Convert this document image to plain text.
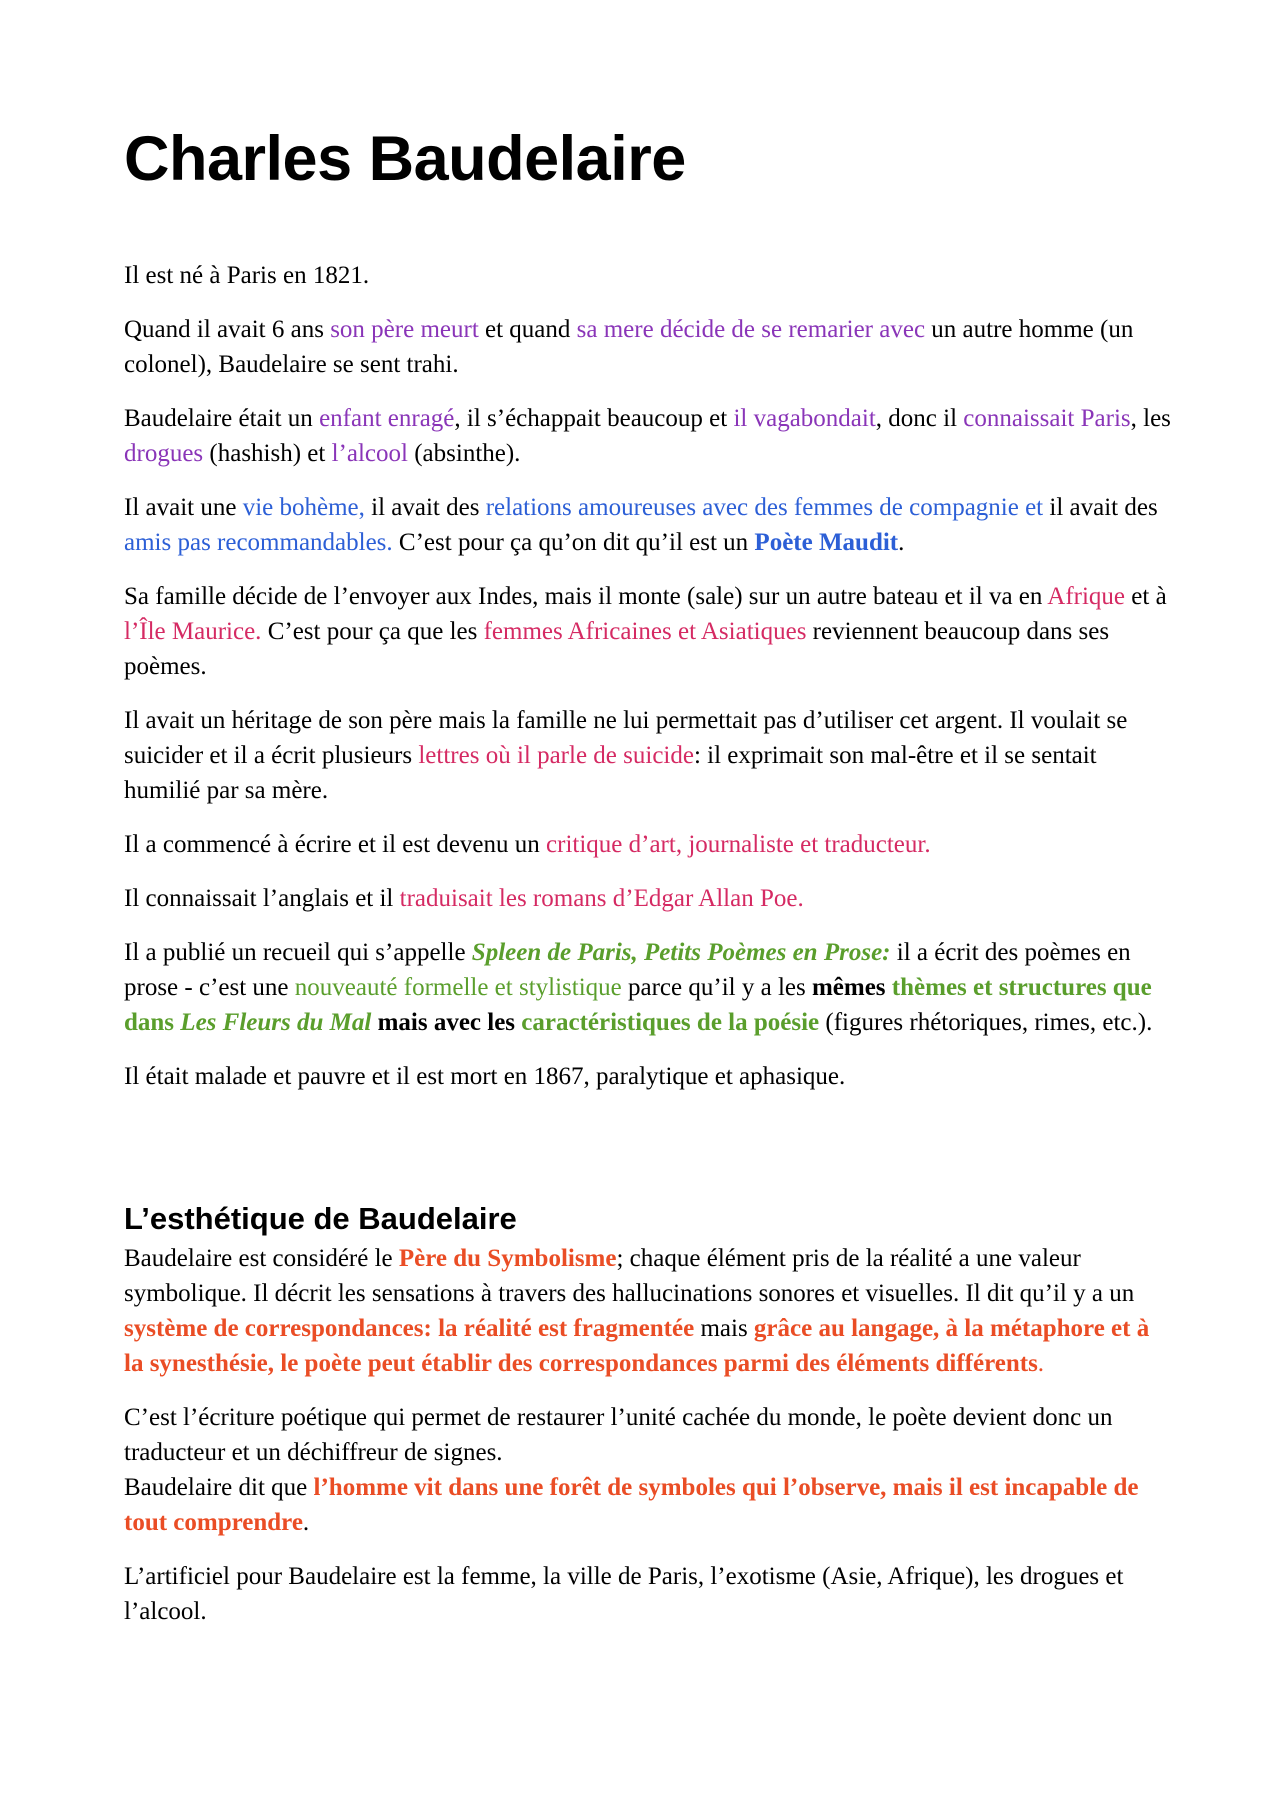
Charles Baudelaire

Il est né à Paris en 1821.

Quand il avait 6 ans son père meurt et quand sa mere décide de se remarier avec un autre homme (un colonel), Baudelaire se sent trahi.

Baudelaire était un enfant enragé, il s’échappait beaucoup et il vagabondait, donc il connaissait Paris, les drogues (hashish) et l’alcool (absinthe).

Il avait une vie bohème, il avait des relations amoureuses avec des femmes de compagnie et il avait des amis pas recommandables. C’est pour ça qu’on dit qu’il est un Poète Maudit.

Sa famille décide de l’envoyer aux Indes, mais il monte (sale) sur un autre bateau et il va en Afrique et à l’Île Maurice. C’est pour ça que les femmes Africaines et Asiatiques reviennent beaucoup dans ses poèmes.

Il avait un héritage de son père mais la famille ne lui permettait pas d’utiliser cet argent. Il voulait se suicider et il a écrit plusieurs lettres où il parle de suicide: il exprimait son mal-être et il se sentait humilié par sa mère.

Il a commencé à écrire et il est devenu un critique d’art, journaliste et traducteur.

Il connaissait l’anglais et il traduisait les romans d’Edgar Allan Poe.

Il a publié un recueil qui s’appelle Spleen de Paris, Petits Poèmes en Prose: il a écrit des poèmes en prose - c’est une nouveauté formelle et stylistique parce qu’il y a les mêmes thèmes et structures que dans Les Fleurs du Mal mais avec les caractéristiques de la poésie (figures rhétoriques, rimes, etc.).

Il était malade et pauvre et il est mort en 1867, paralytique et aphasique.

L’esthétique de Baudelaire

Baudelaire est considéré le Père du Symbolisme; chaque élément pris de la réalité a une valeur symbolique. Il décrit les sensations à travers des hallucinations sonores et visuelles. Il dit qu’il y a un système de correspondances: la réalité est fragmentée mais grâce au langage, à la métaphore et à la synesthésie, le poète peut établir des correspondances parmi des éléments différents.

C’est l’écriture poétique qui permet de restaurer l’unité cachée du monde, le poète devient donc un traducteur et un déchiffreur de signes.
Baudelaire dit que l’homme vit dans une forêt de symboles qui l’observe, mais il est incapable de tout comprendre.

L’artificiel pour Baudelaire est la femme, la ville de Paris, l’exotisme (Asie, Afrique), les drogues et l’alcool.
